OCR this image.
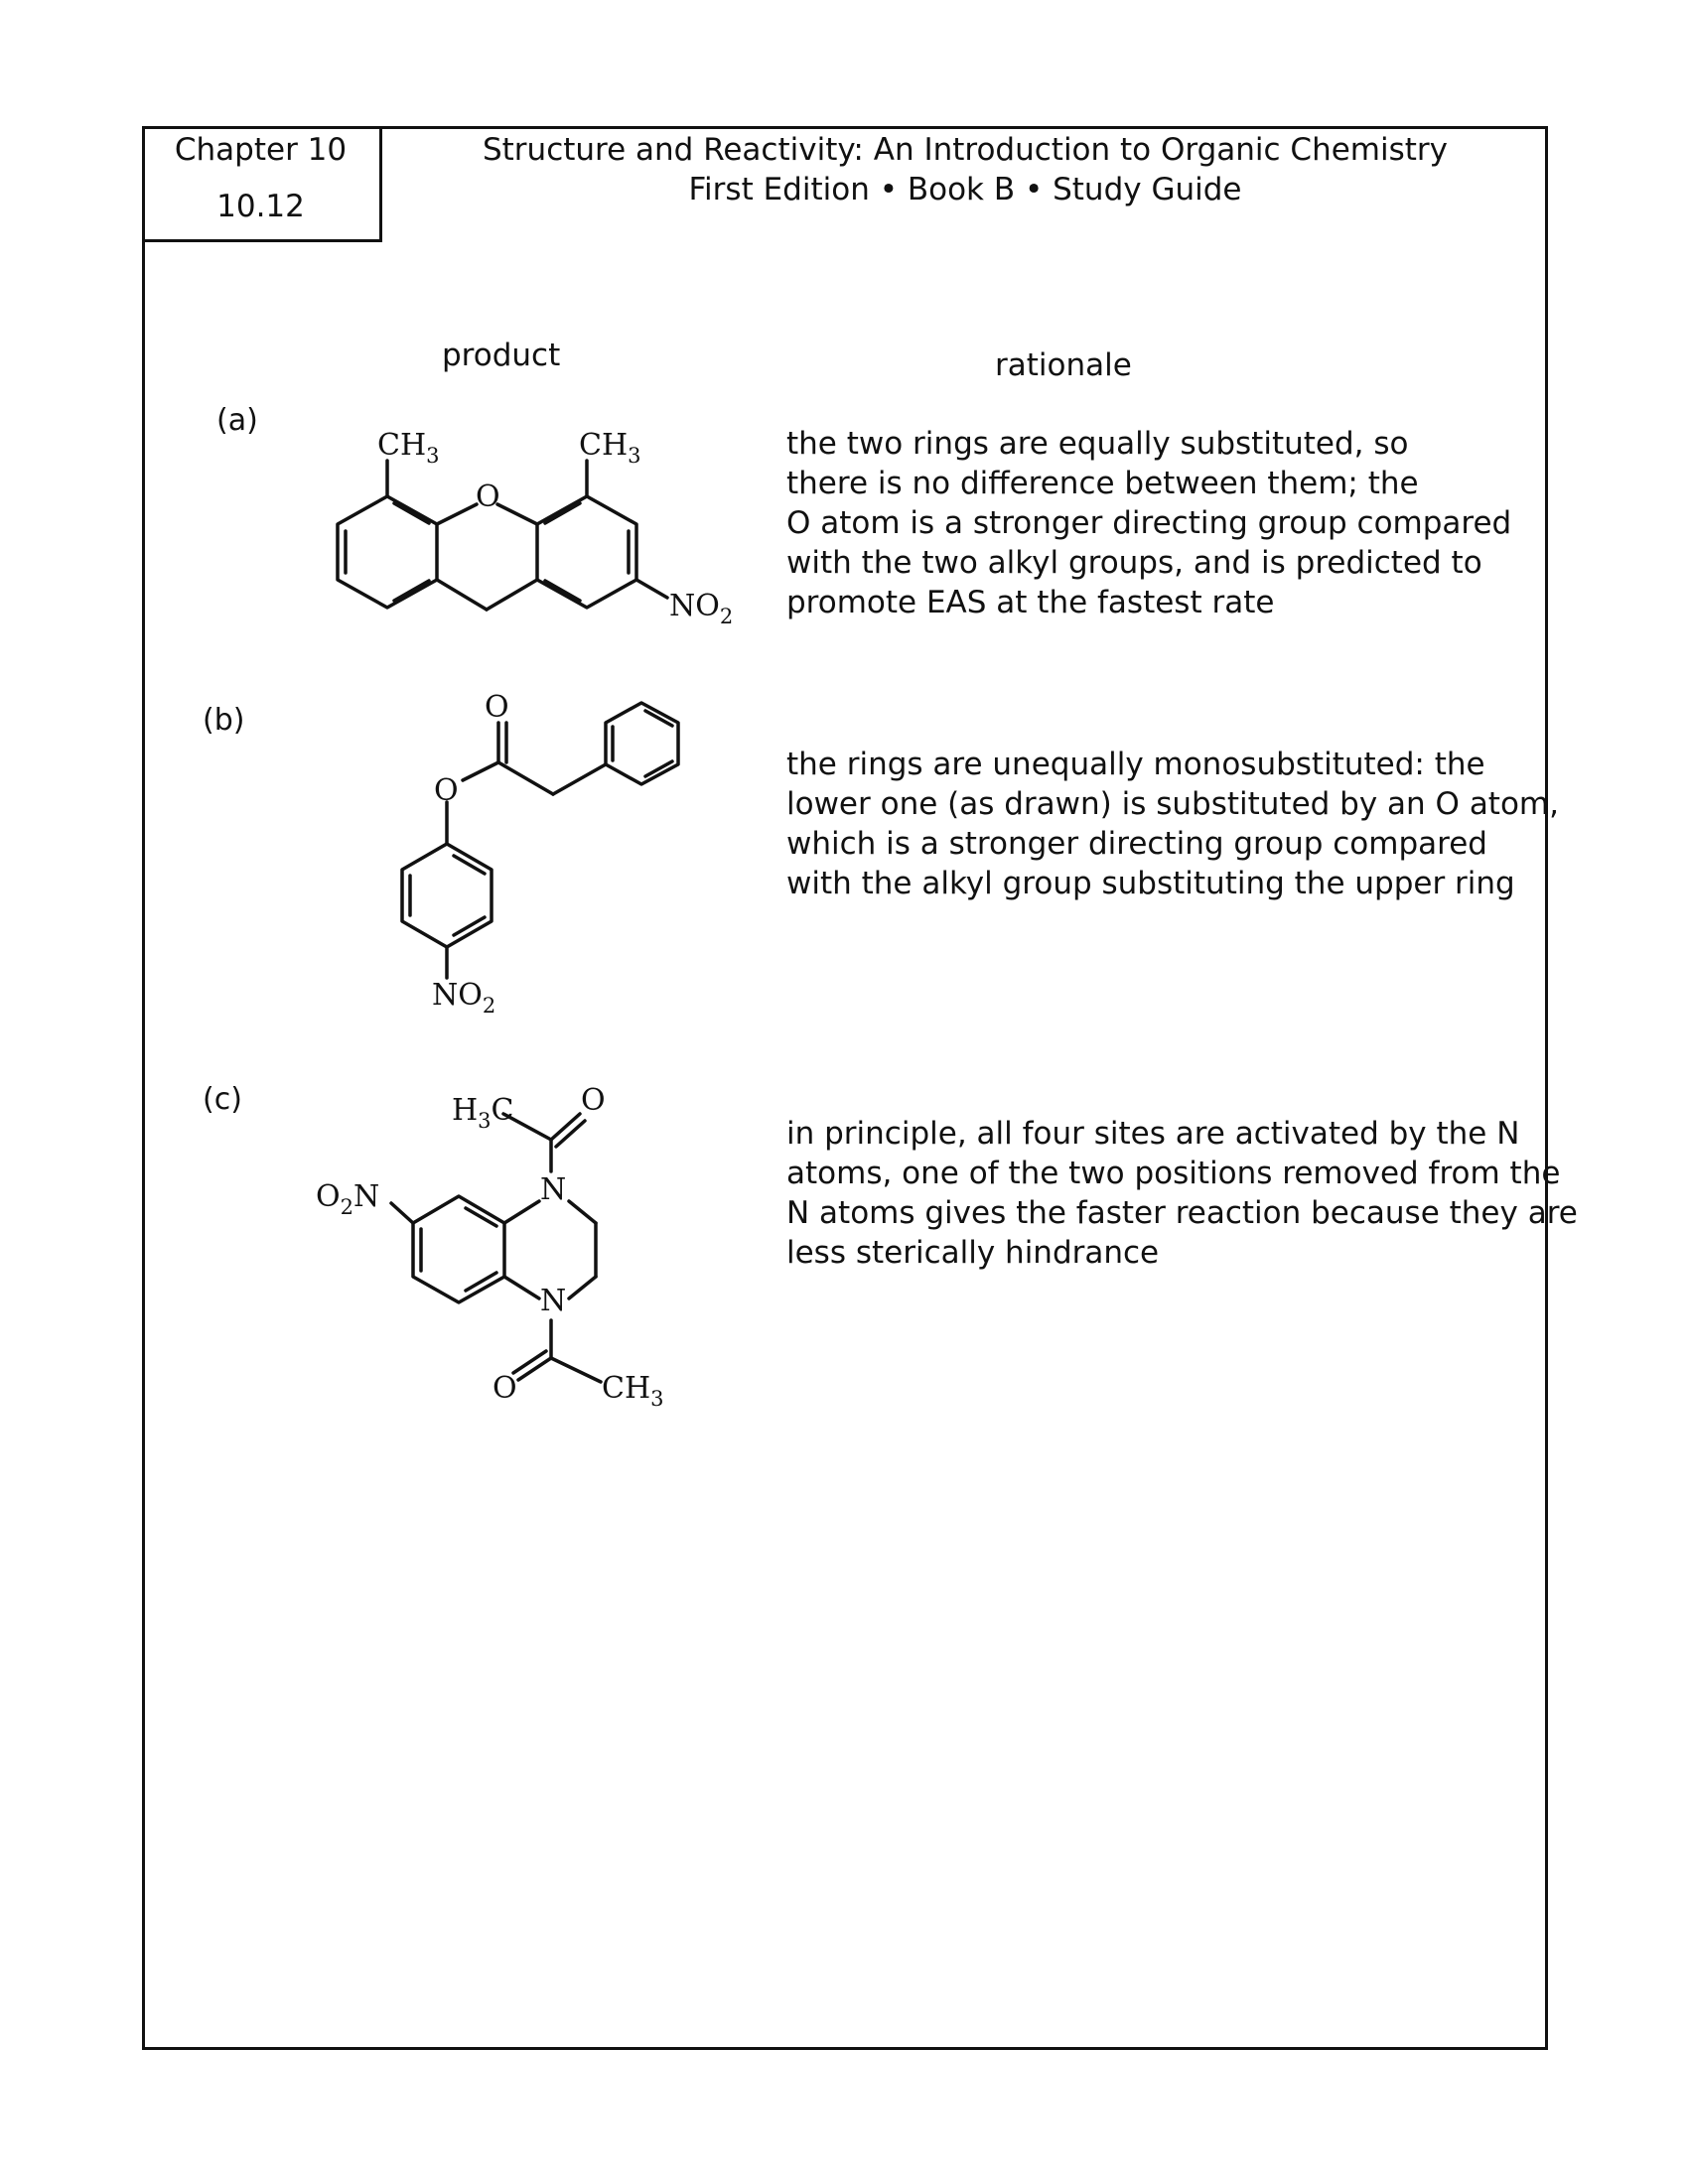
Chapter 10
10.12
Structure and Reactivity: An Introduction to Organic Chemistry
First Edition • Book B • Study Guide
product	rationale
(a)
$CH_3$	$CH_3$
O
$NO_2$
the two rings are equally substituted, so
there is no difference between them; the
O atom is a stronger directing group compared
with the two alkyl groups, and is predicted to
promote EAS at the fastest rate
(b)	O
O
$NO_2$
the rings are unequally monosubstituted: the
lower one (as drawn) is substituted by an O atom,
which is a stronger directing group compared
with the alkyl group substituting the upper ring
(c)	$H_3C$ O
N
$O_2N$
N
O	$CH_3$
in principle, all four sites are activated by the N
atoms, one of the two positions removed from the
N atoms gives the faster reaction because they are
less sterically hindrance
